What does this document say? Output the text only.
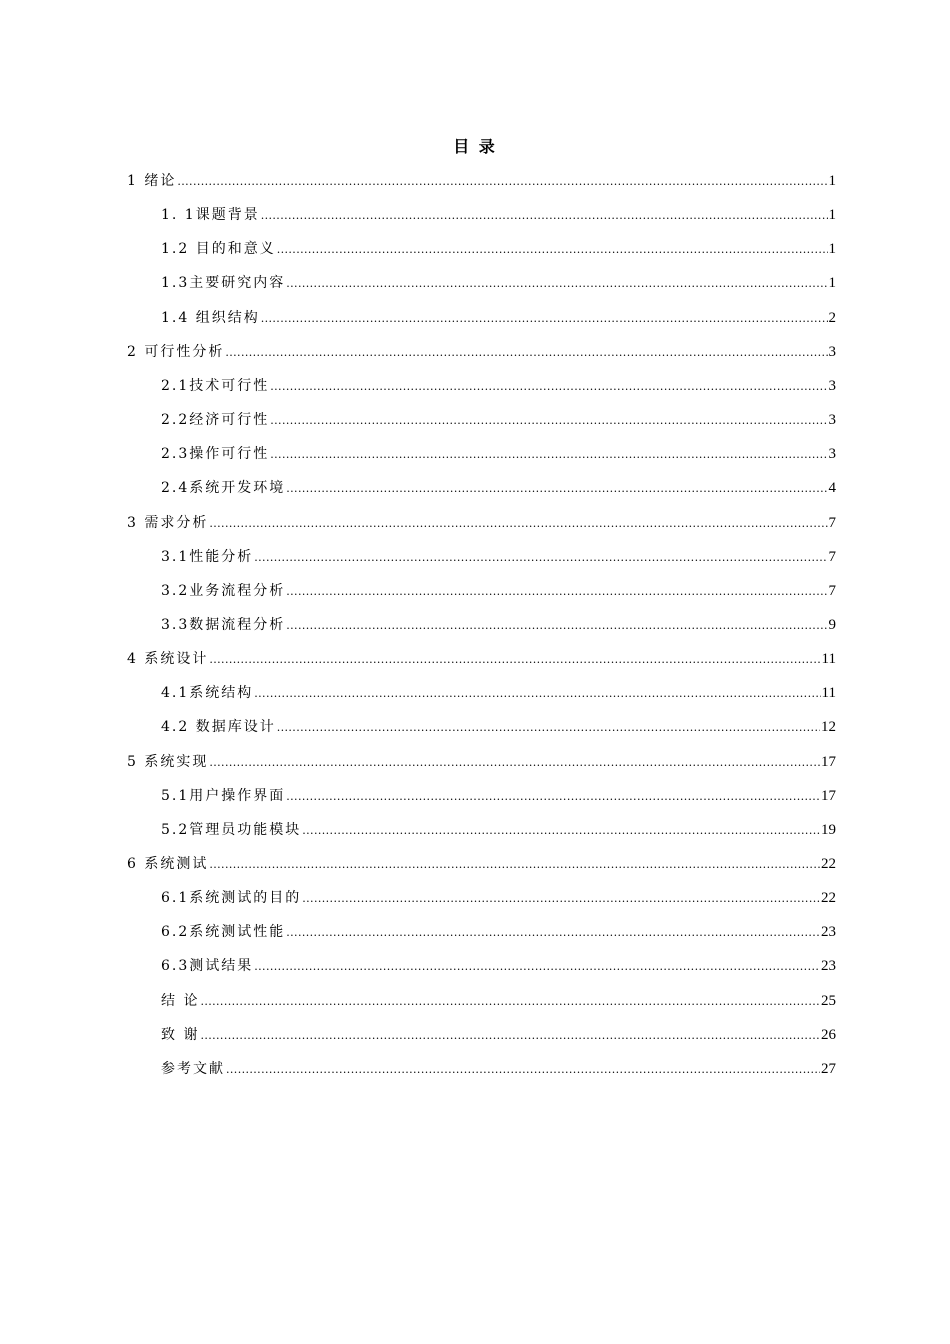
目 录
1 绪论 .....	1
1. 1课题背景 .....	1
1.2 目的和意义 .....	1
1.3主要研究内容 .....	1
1.4 组织结构 .....	2
2 可行性分析 .....	3
2.1技术可行性 .....	3
2.2经济可行性 .....	3
2.3操作可行性 .....	3
2.4系统开发环境 .....	4
3 需求分析 .....	7
3.1性能分析 .....	7
3.2业务流程分析 .....	7
3.3数据流程分析 .....	9
4 系统设计 .....	11
4.1系统结构 .....	11
4.2 数据库设计 .....	12
5 系统实现 .....	17
5.1用户操作界面 .....	17
5.2管理员功能模块 .....	19
6 系统测试 .....	22
6.1系统测试的目的 .....	22
6.2系统测试性能 .....	23
6.3测试结果 .....	23
结 论 .....	25
致 谢 .....	26
参考文献 .....	27
